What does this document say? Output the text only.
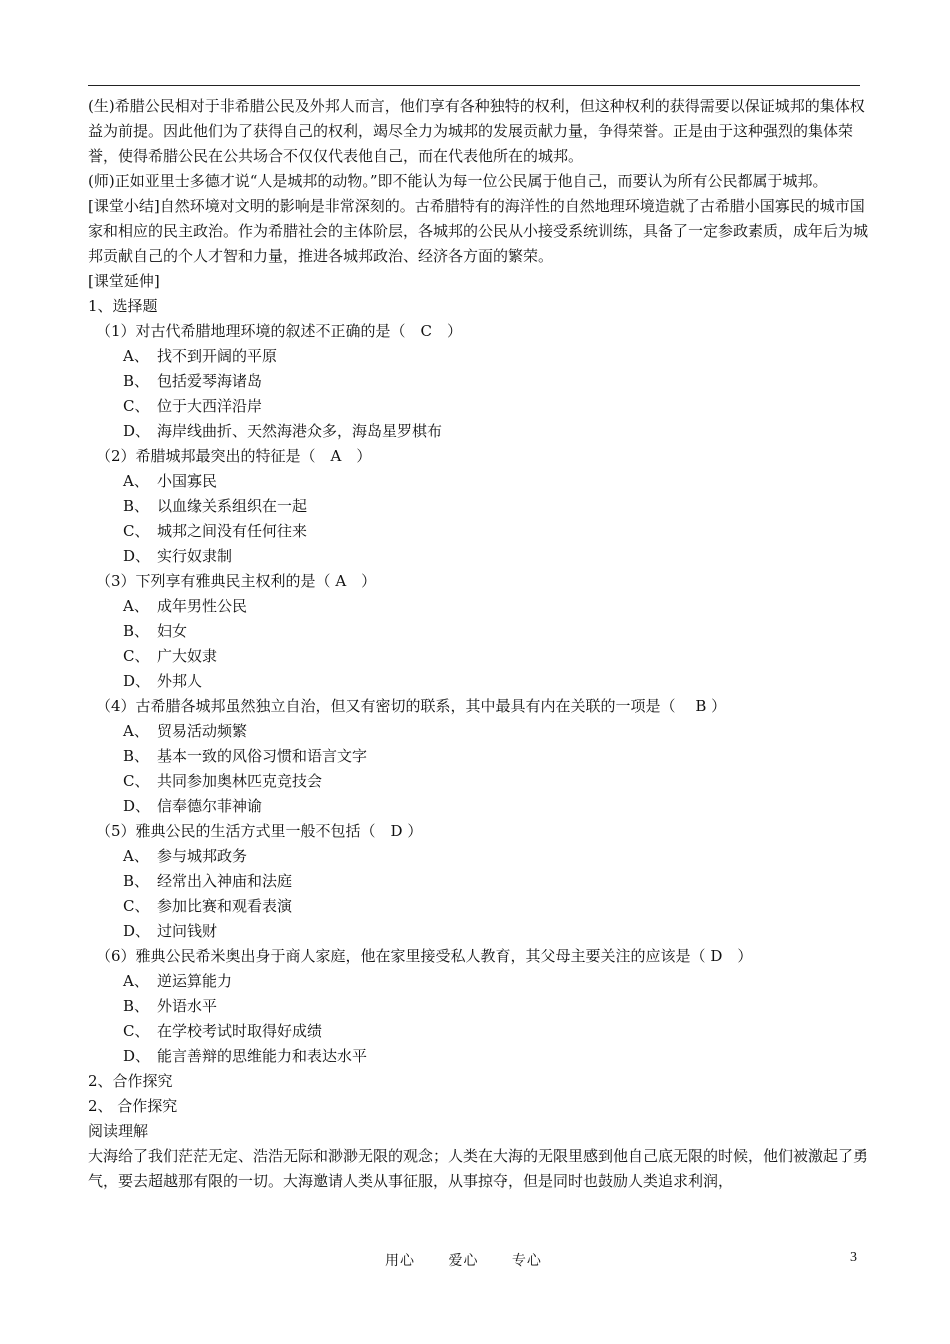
(生)希腊公民相对于非希腊公民及外邦人而言，他们享有各种独特的权利，但这种权利的获得需要以保证城邦的集体权益为前提。因此他们为了获得自己的权利，竭尽全力为城邦的发展贡献力量，争得荣誉。正是由于这种强烈的集体荣誉，使得希腊公民在公共场合不仅仅代表他自己，而在代表他所在的城邦。
(师)正如亚里士多德才说“人是城邦的动物。”即不能认为每一位公民属于他自己，而要认为所有公民都属于城邦。
[课堂小结]自然环境对文明的影响是非常深刻的。古希腊特有的海洋性的自然地理环境造就了古希腊小国寡民的城市国家和相应的民主政治。作为希腊社会的主体阶层，各城邦的公民从小接受系统训练，具备了一定参政素质，成年后为城邦贡献自己的个人才智和力量，推进各城邦政治、经济各方面的繁荣。
[课堂延伸]
1、选择题
（1）对古代希腊地理环境的叙述不正确的是（　C　）
A、 找不到开阔的平原
B、 包括爱琴海诸岛
C、 位于大西洋沿岸
D、 海岸线曲折、天然海港众多，海岛星罗棋布
（2）希腊城邦最突出的特征是（　A　）
A、 小国寡民
B、 以血缘关系组织在一起
C、 城邦之间没有任何往来
D、 实行奴隶制
（3）下列享有雅典民主权利的是（ A　）
A、 成年男性公民
B、 妇女
C、 广大奴隶
D、 外邦人
（4）古希腊各城邦虽然独立自治，但又有密切的联系，其中最具有内在关联的一项是（　 B ）
A、 贸易活动频繁
B、 基本一致的风俗习惯和语言文字
C、 共同参加奥林匹克竞技会
D、 信奉德尔菲神谕
（5）雅典公民的生活方式里一般不包括（　D ）
A、 参与城邦政务
B、 经常出入神庙和法庭
C、 参加比赛和观看表演
D、 过问钱财
（6）雅典公民希米奥出身于商人家庭，他在家里接受私人教育，其父母主要关注的应该是（ D　）
A、 逆运算能力
B、 外语水平
C、 在学校考试时取得好成绩
D、 能言善辩的思维能力和表达水平
2、合作探究
2、 合作探究
阅读理解
大海给了我们茫茫无定、浩浩无际和渺渺无限的观念；人类在大海的无限里感到他自己底无限的时候，他们被激起了勇气，要去超越那有限的一切。大海邀请人类从事征服，从事掠夺，但是同时也鼓励人类追求利润，
用心 爱心 专心	3
